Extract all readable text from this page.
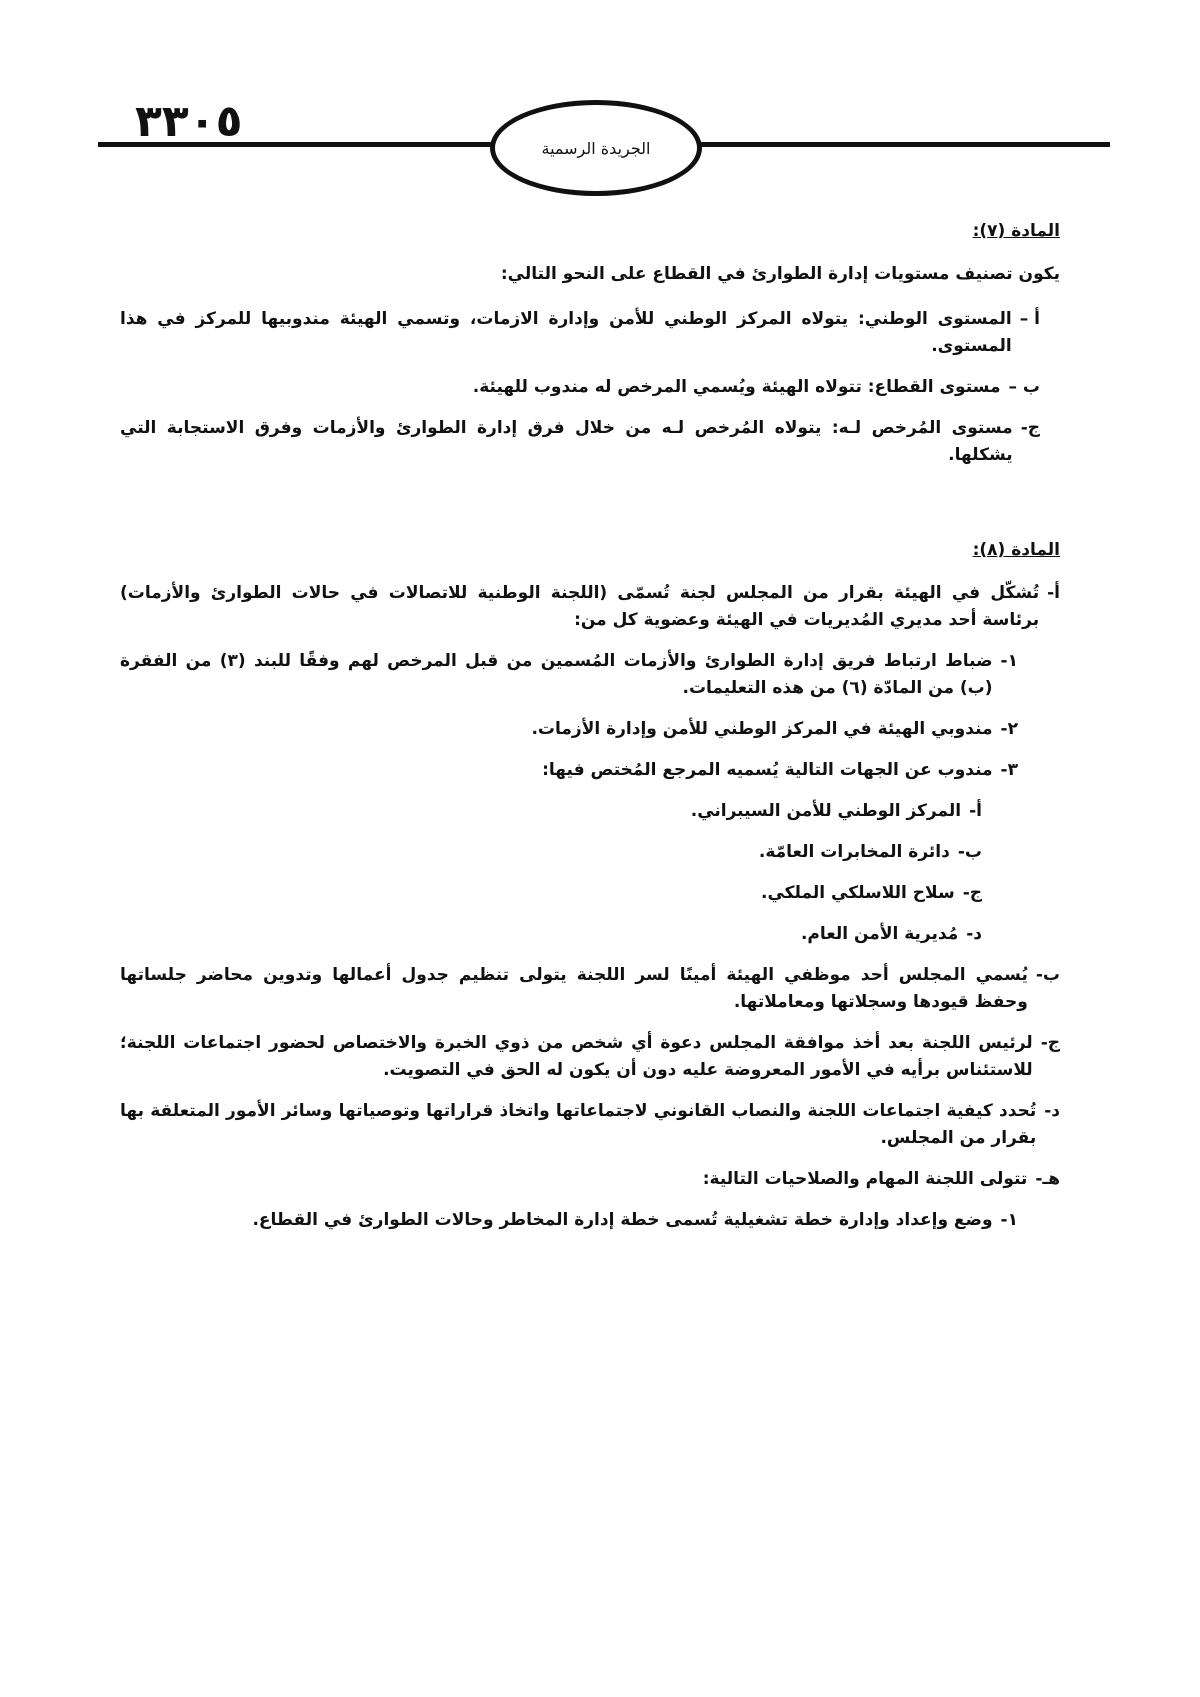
٣٣٠٥
الجريدة الرسمية
المادة (٧):
يكون تصنيف مستويات إدارة الطوارئ في القطاع على النحو التالي:
أ –
المستوى الوطني: يتولاه المركز الوطني للأمن وإدارة الازمات، وتسمي الهيئة مندوبيها للمركز في هذا المستوى.
ب –
مستوى القطاع: تتولاه الهيئة ويُسمي المرخص له مندوب للهيئة.
ج-
مستوى المُرخص لـه: يتولاه المُرخص لـه من خلال فرق إدارة الطوارئ والأزمات وفرق الاستجابة التي يشكلها.
المادة (٨):
أ-
تُشكّل في الهيئة بقرار من المجلس لجنة تُسمّى (اللجنة الوطنية للاتصالات في حالات الطوارئ والأزمات) برئاسة أحد مديري المُديريات في الهيئة وعضوية كل من:
١-
ضباط ارتباط فريق إدارة الطوارئ والأزمات المُسمين من قبل المرخص لهم وفقًا للبند (٣) من الفقرة (ب) من المادّة (٦) من هذه التعليمات.
٢-
مندوبي الهيئة في المركز الوطني للأمن وإدارة الأزمات.
٣-
مندوب عن الجهات التالية يُسميه المرجع المُختص فيها:
أ-
المركز الوطني للأمن السيبراني.
ب-
دائرة المخابرات العامّة.
ج-
سلاح اللاسلكي الملكي.
د-
مُديرية الأمن العام.
ب-
يُسمي المجلس أحد موظفي الهيئة أمينًا لسر اللجنة يتولى تنظيم جدول أعمالها وتدوين محاضر جلساتها وحفظ قيودها وسجلاتها ومعاملاتها.
ج-
لرئيس اللجنة بعد أخذ موافقة المجلس دعوة أي شخص من ذوي الخبرة والاختصاص لحضور اجتماعات اللجنة؛ للاستئناس برأيه في الأمور المعروضة عليه دون أن يكون له الحق في التصويت.
د-
تُحدد كيفية اجتماعات اللجنة والنصاب القانوني لاجتماعاتها واتخاذ قراراتها وتوصياتها وسائر الأمور المتعلقة بها بقرار من المجلس.
هـ-
تتولى اللجنة المهام والصلاحيات التالية:
١-
وضع وإعداد وإدارة خطة تشغيلية تُسمى خطة إدارة المخاطر وحالات الطوارئ في القطاع.
